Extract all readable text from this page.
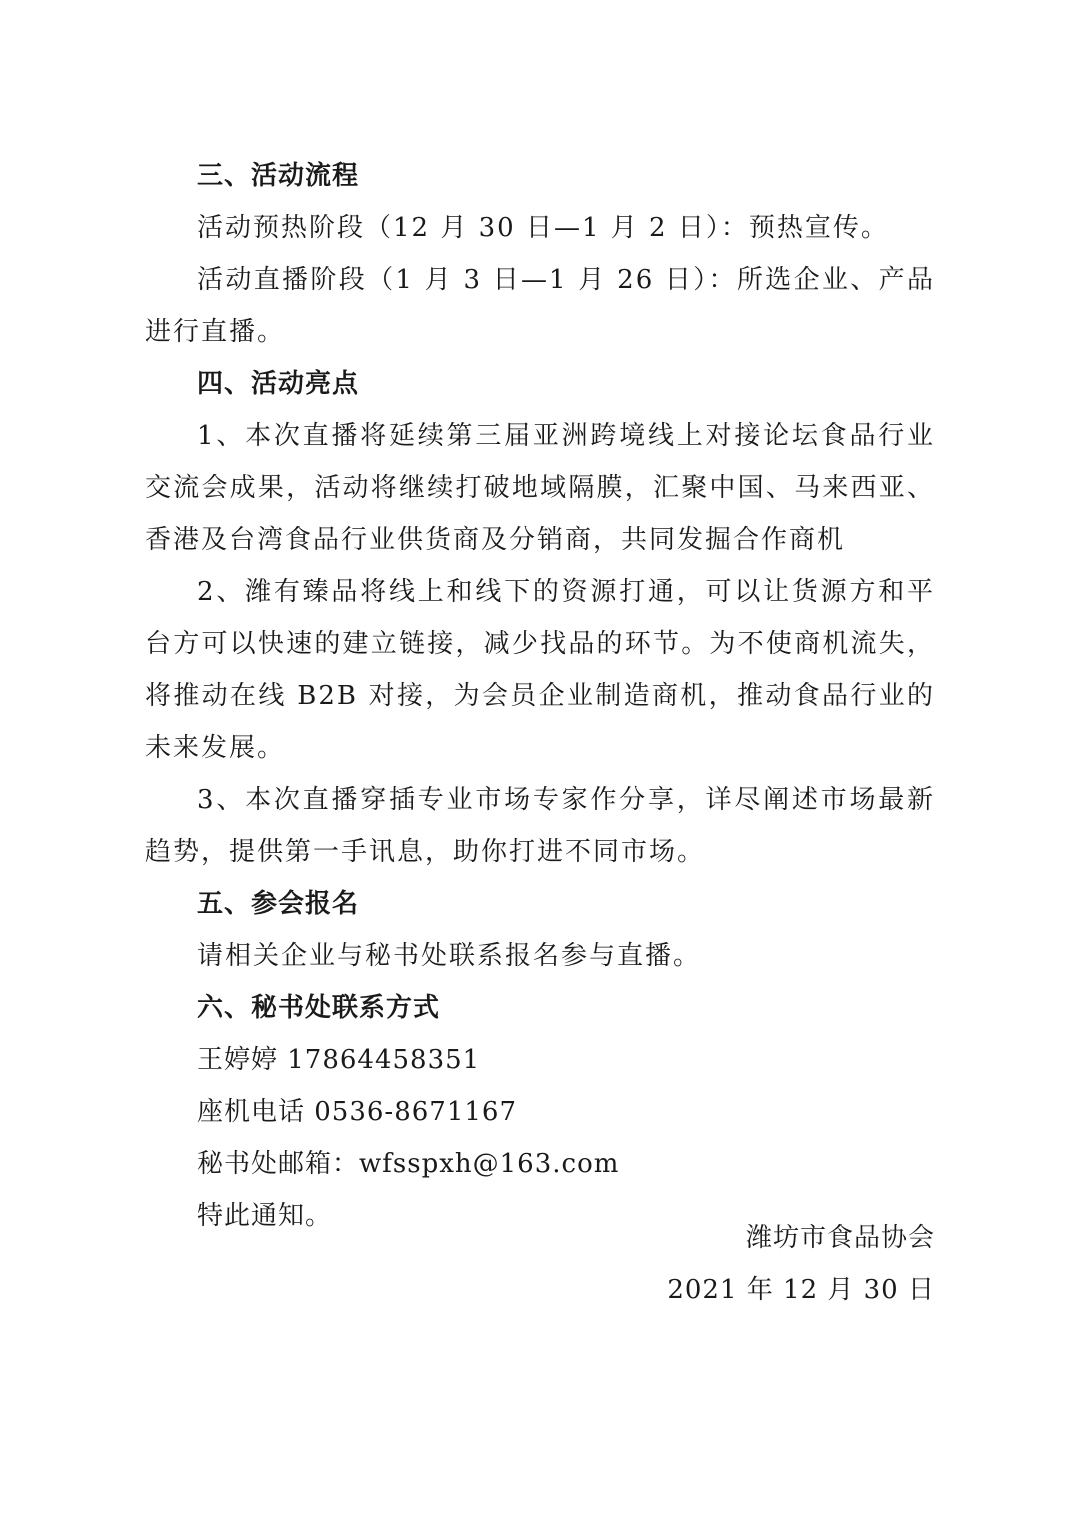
三、活动流程
活动预热阶段（12 月 30 日—1 月 2 日）：预热宣传。
活动直播阶段（1 月 3 日—1 月 26 日）：所选企业、产品进行直播。
四、活动亮点
1、本次直播将延续第三届亚洲跨境线上对接论坛食品行业交流会成果，活动将继续打破地域隔膜，汇聚中国、马来西亚、香港及台湾食品行业供货商及分销商，共同发掘合作商机
2、潍有臻品将线上和线下的资源打通，可以让货源方和平台方可以快速的建立链接，减少找品的环节。为不使商机流失，将推动在线 B2B 对接，为会员企业制造商机，推动食品行业的未来发展。
3、本次直播穿插专业市场专家作分享，详尽阐述市场最新趋势，提供第一手讯息，助你打进不同市场。
五、参会报名
请相关企业与秘书处联系报名参与直播。
六、秘书处联系方式
王婷婷 17864458351
座机电话 0536-8671167
秘书处邮箱：wfsspxh@163.com
特此通知。
潍坊市食品协会
2021 年 12 月 30 日
